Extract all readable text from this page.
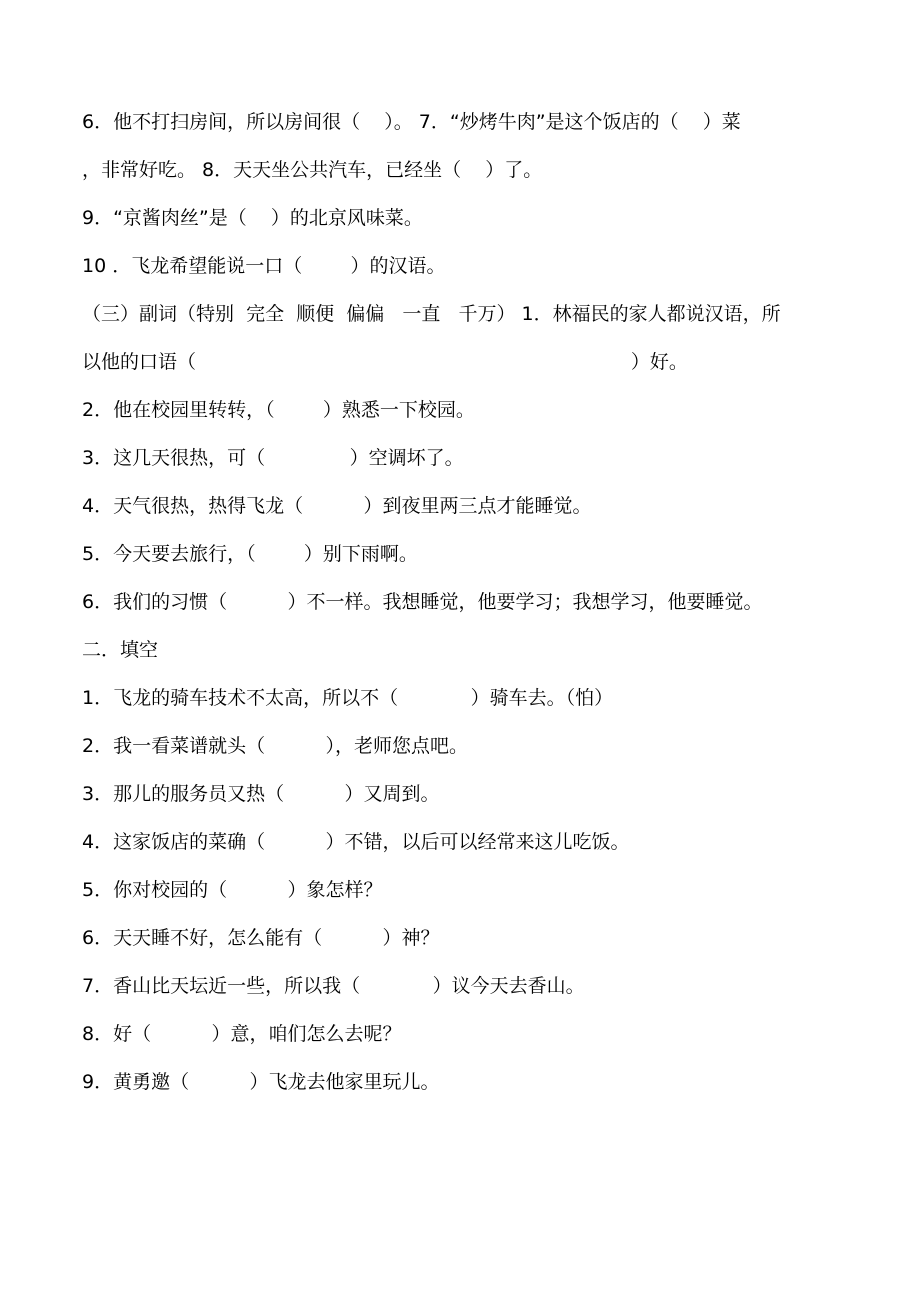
6．他不打扫房间，所以房间很（    ）。 7．“炒烤牛肉”是这个饭店的（    ）菜
，非常好吃。 8．天天坐公共汽车，已经坐（    ）了。
9．“京酱肉丝”是（    ）的北京风味菜。
10 ．飞龙希望能说一口（        ）的汉语。
（三）副词（特别  完全  顺便  偏偏   一直   千万） 1．林福民的家人都说汉语，所
以他的口语（                                                                        ）好。
2．他在校园里转转，（        ）熟悉一下校园。
3．这几天很热，可（              ）空调坏了。
4．天气很热，热得飞龙（          ）到夜里两三点才能睡觉。
5．今天要去旅行，（        ）别下雨啊。
6．我们的习惯（          ）不一样。我想睡觉，他要学习；我想学习，他要睡觉。
二．填空
1．飞龙的骑车技术不太高，所以不（            ）骑车去。（怕）
2．我一看菜谱就头（          ），老师您点吧。
3．那儿的服务员又热（          ）又周到。
4．这家饭店的菜确（          ）不错，以后可以经常来这儿吃饭。
5．你对校园的（          ）象怎样？
6．天天睡不好，怎么能有（          ）神？
7．香山比天坛近一些，所以我（            ）议今天去香山。
8．好（          ）意，咱们怎么去呢？
9．黄勇邀（          ）飞龙去他家里玩儿。
